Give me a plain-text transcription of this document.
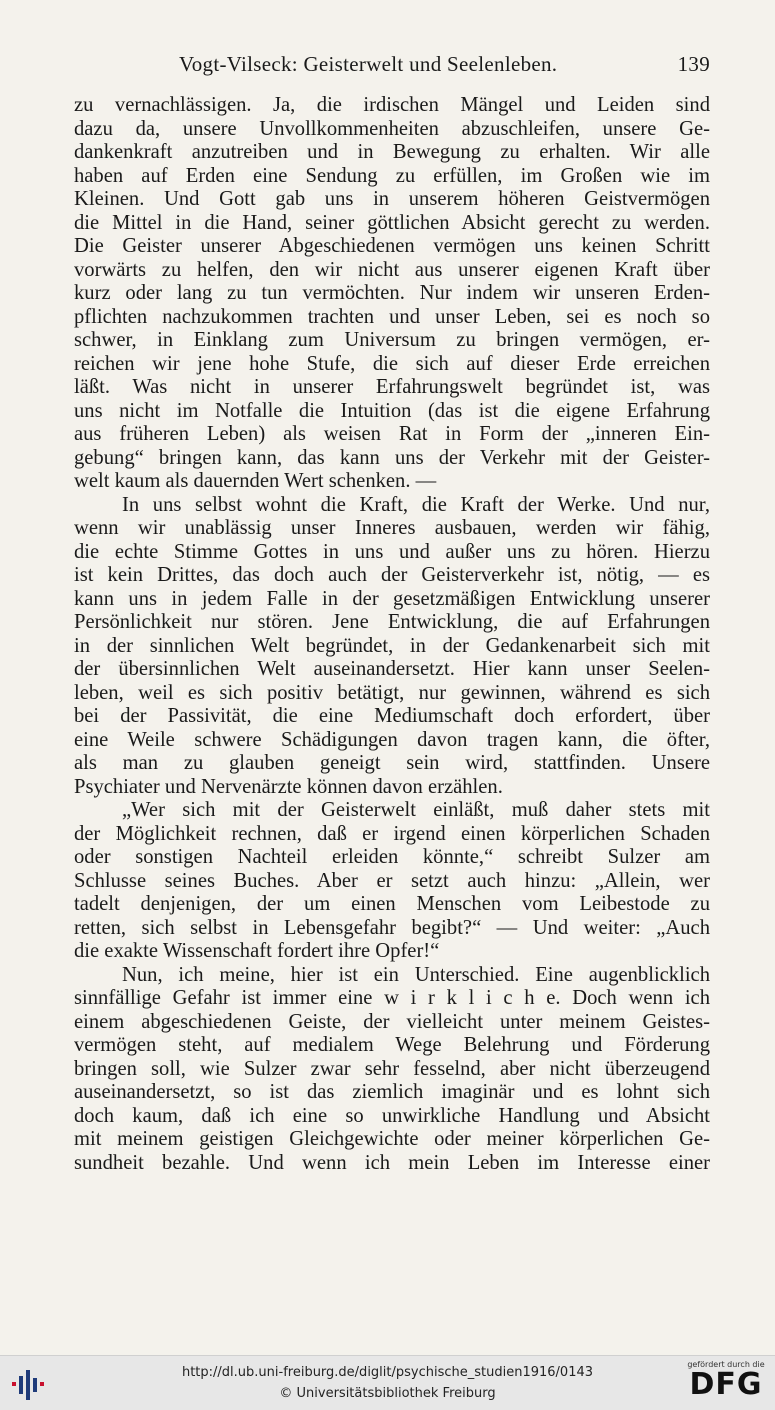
Vogt-Vilseck: Geisterwelt und Seelenleben.	139
zu vernachlässigen. Ja, die irdischen Mängel und Leiden sind
dazu da, unsere Unvollkommenheiten abzuschleifen, unsere Ge-
dankenkraft anzutreiben und in Bewegung zu erhalten. Wir alle
haben auf Erden eine Sendung zu erfüllen, im Großen wie im
Kleinen. Und Gott gab uns in unserem höheren Geistvermögen
die Mittel in die Hand, seiner göttlichen Absicht gerecht zu werden.
Die Geister unserer Abgeschiedenen vermögen uns keinen Schritt
vorwärts zu helfen, den wir nicht aus unserer eigenen Kraft über
kurz oder lang zu tun vermöchten. Nur indem wir unseren Erden-
pflichten nachzukommen trachten und unser Leben, sei es noch so
schwer, in Einklang zum Universum zu bringen vermögen, er-
reichen wir jene hohe Stufe, die sich auf dieser Erde erreichen
läßt. Was nicht in unserer Erfahrungswelt begründet ist, was
uns nicht im Notfalle die Intuition (das ist die eigene Erfahrung
aus früheren Leben) als weisen Rat in Form der „inneren Ein-
gebung“ bringen kann, das kann uns der Verkehr mit der Geister-
welt kaum als dauernden Wert schenken. —
In uns selbst wohnt die Kraft, die Kraft der Werke. Und nur,
wenn wir unablässig unser Inneres ausbauen, werden wir fähig,
die echte Stimme Gottes in uns und außer uns zu hören. Hierzu
ist kein Drittes, das doch auch der Geisterverkehr ist, nötig, — es
kann uns in jedem Falle in der gesetzmäßigen Entwicklung unserer
Persönlichkeit nur stören. Jene Entwicklung, die auf Erfahrungen
in der sinnlichen Welt begründet, in der Gedankenarbeit sich mit
der übersinnlichen Welt auseinandersetzt. Hier kann unser Seelen-
leben, weil es sich positiv betätigt, nur gewinnen, während es sich
bei der Passivität, die eine Mediumschaft doch erfordert, über
eine Weile schwere Schädigungen davon tragen kann, die öfter,
als man zu glauben geneigt sein wird, stattfinden. Unsere
Psychiater und Nervenärzte können davon erzählen.
„Wer sich mit der Geisterwelt einläßt, muß daher stets mit
der Möglichkeit rechnen, daß er irgend einen körperlichen Schaden
oder sonstigen Nachteil erleiden könnte,“ schreibt Sulzer am
Schlusse seines Buches. Aber er setzt auch hinzu: „Allein, wer
tadelt denjenigen, der um einen Menschen vom Leibestode zu
retten, sich selbst in Lebensgefahr begibt?“ — Und weiter: „Auch
die exakte Wissenschaft fordert ihre Opfer!“
Nun, ich meine, hier ist ein Unterschied. Eine augenblicklich
sinnfällige Gefahr ist immer eine w i r k l i c h e. Doch wenn ich
einem abgeschiedenen Geiste, der vielleicht unter meinem Geistes-
vermögen steht, auf medialem Wege Belehrung und Förderung
bringen soll, wie Sulzer zwar sehr fesselnd, aber nicht überzeugend
auseinandersetzt, so ist das ziemlich imaginär und es lohnt sich
doch kaum, daß ich eine so unwirkliche Handlung und Absicht
mit meinem geistigen Gleichgewichte oder meiner körperlichen Ge-
sundheit bezahle. Und wenn ich mein Leben im Interesse einer
http://dl.ub.uni-freiburg.de/diglit/psychische_studien1916/0143
© Universitätsbibliothek Freiburg
gefördert durch die
DFG
